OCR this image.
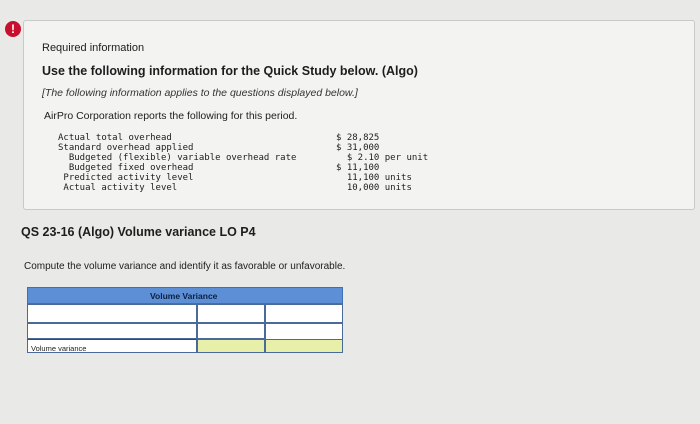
!
Required information
Use the following information for the Quick Study below. (Algo)
[The following information applies to the questions displayed below.]
AirPro Corporation reports the following for this period.
Actual total overhead	$ 28,825
Standard overhead applied	$ 31,000
Budgeted (flexible) variable overhead rate	$ 2.10 per unit
Budgeted fixed overhead	$ 11,100
Predicted activity level	11,100 units
Actual activity level	10,000 units
QS 23-16 (Algo) Volume variance LO P4
Compute the volume variance and identify it as favorable or unfavorable.
Volume Variance
Volume variance
